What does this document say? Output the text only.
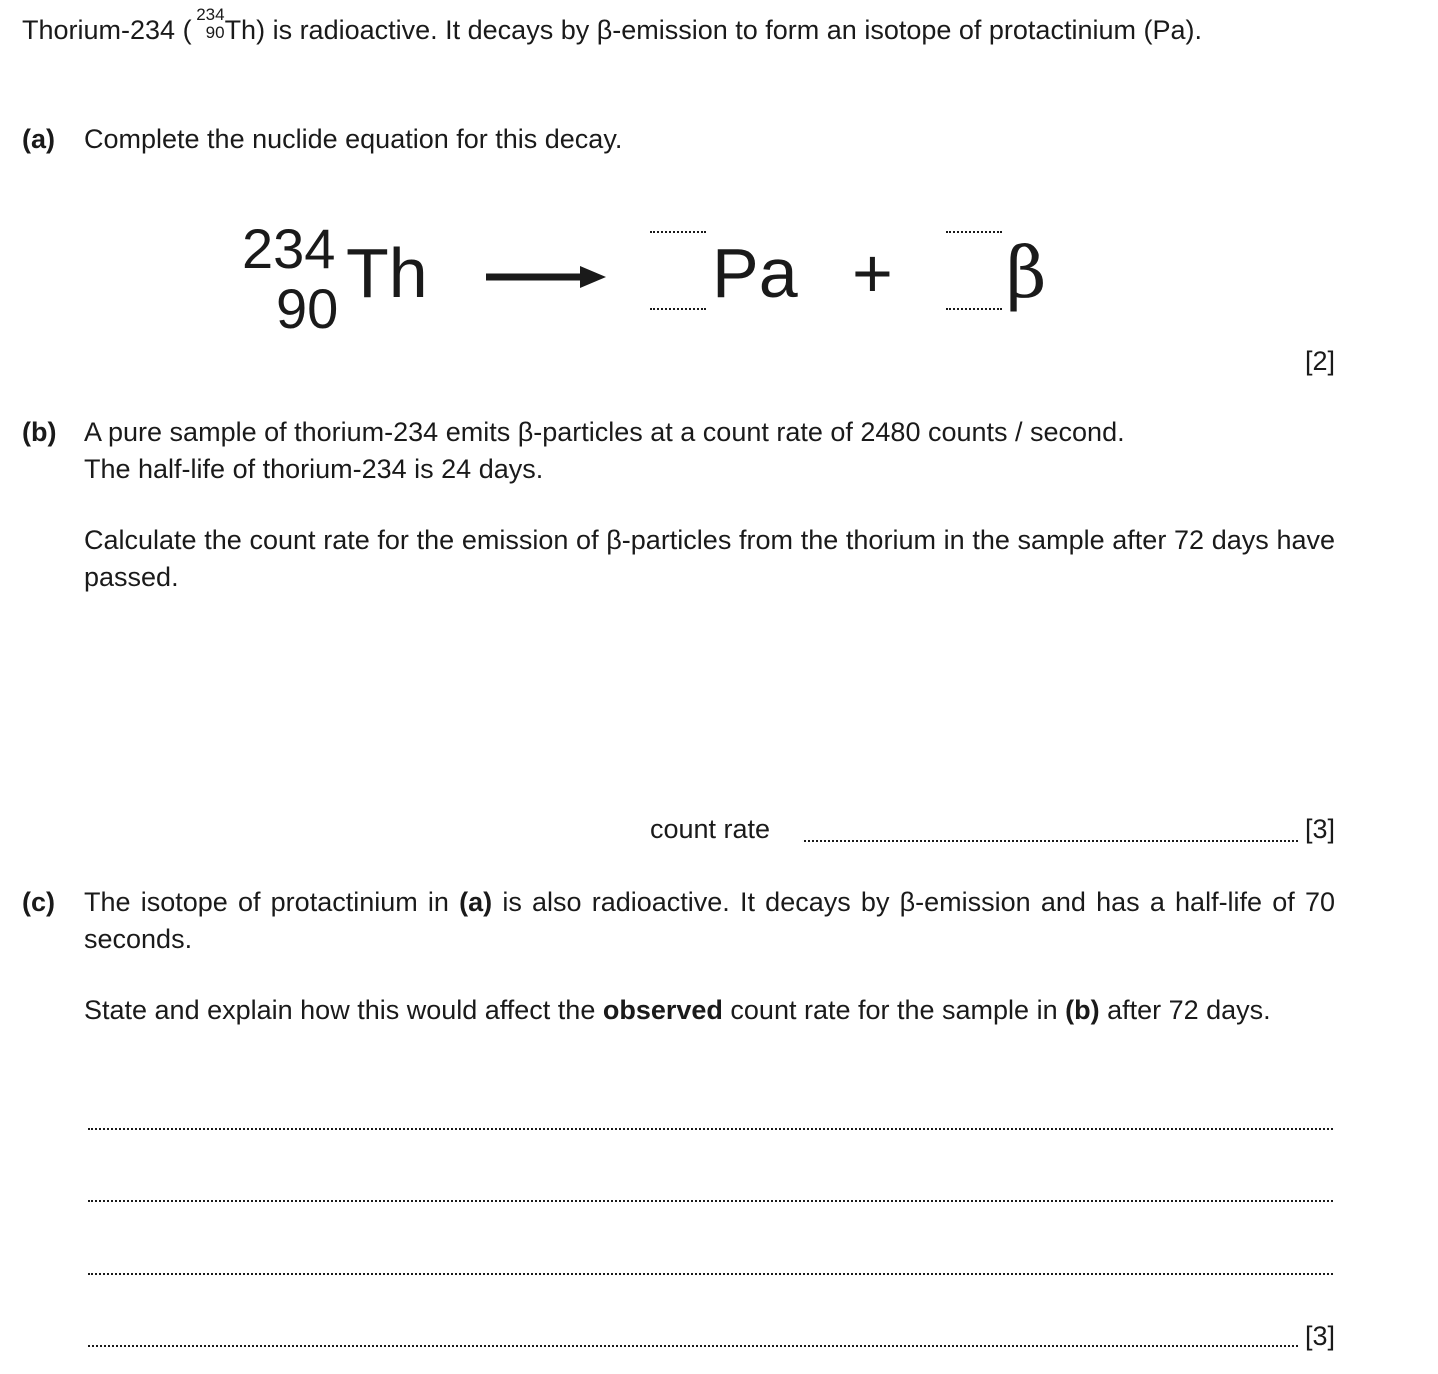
Thorium-234 (
234
90 Th) is radioactive. It decays by β-emission to form an isotope of protactinium (Pa).
(a) Complete the nuclide equation for this decay.
234
90 Th	Pa + β
[2]
(b) A pure sample of thorium-234 emits β-particles at a count rate of 2480 counts / second.
The half-life of thorium-234 is 24 days.
Calculate the count rate for the emission of β-particles from the thorium in the sample after 72 days have passed.
count rate	[3]
(c) The isotope of protactinium in (a) is also radioactive. It decays by β-emission and has a half-life of 70 seconds.
State and explain how this would affect the observed count rate for the sample in (b) after 72 days.
[3]
